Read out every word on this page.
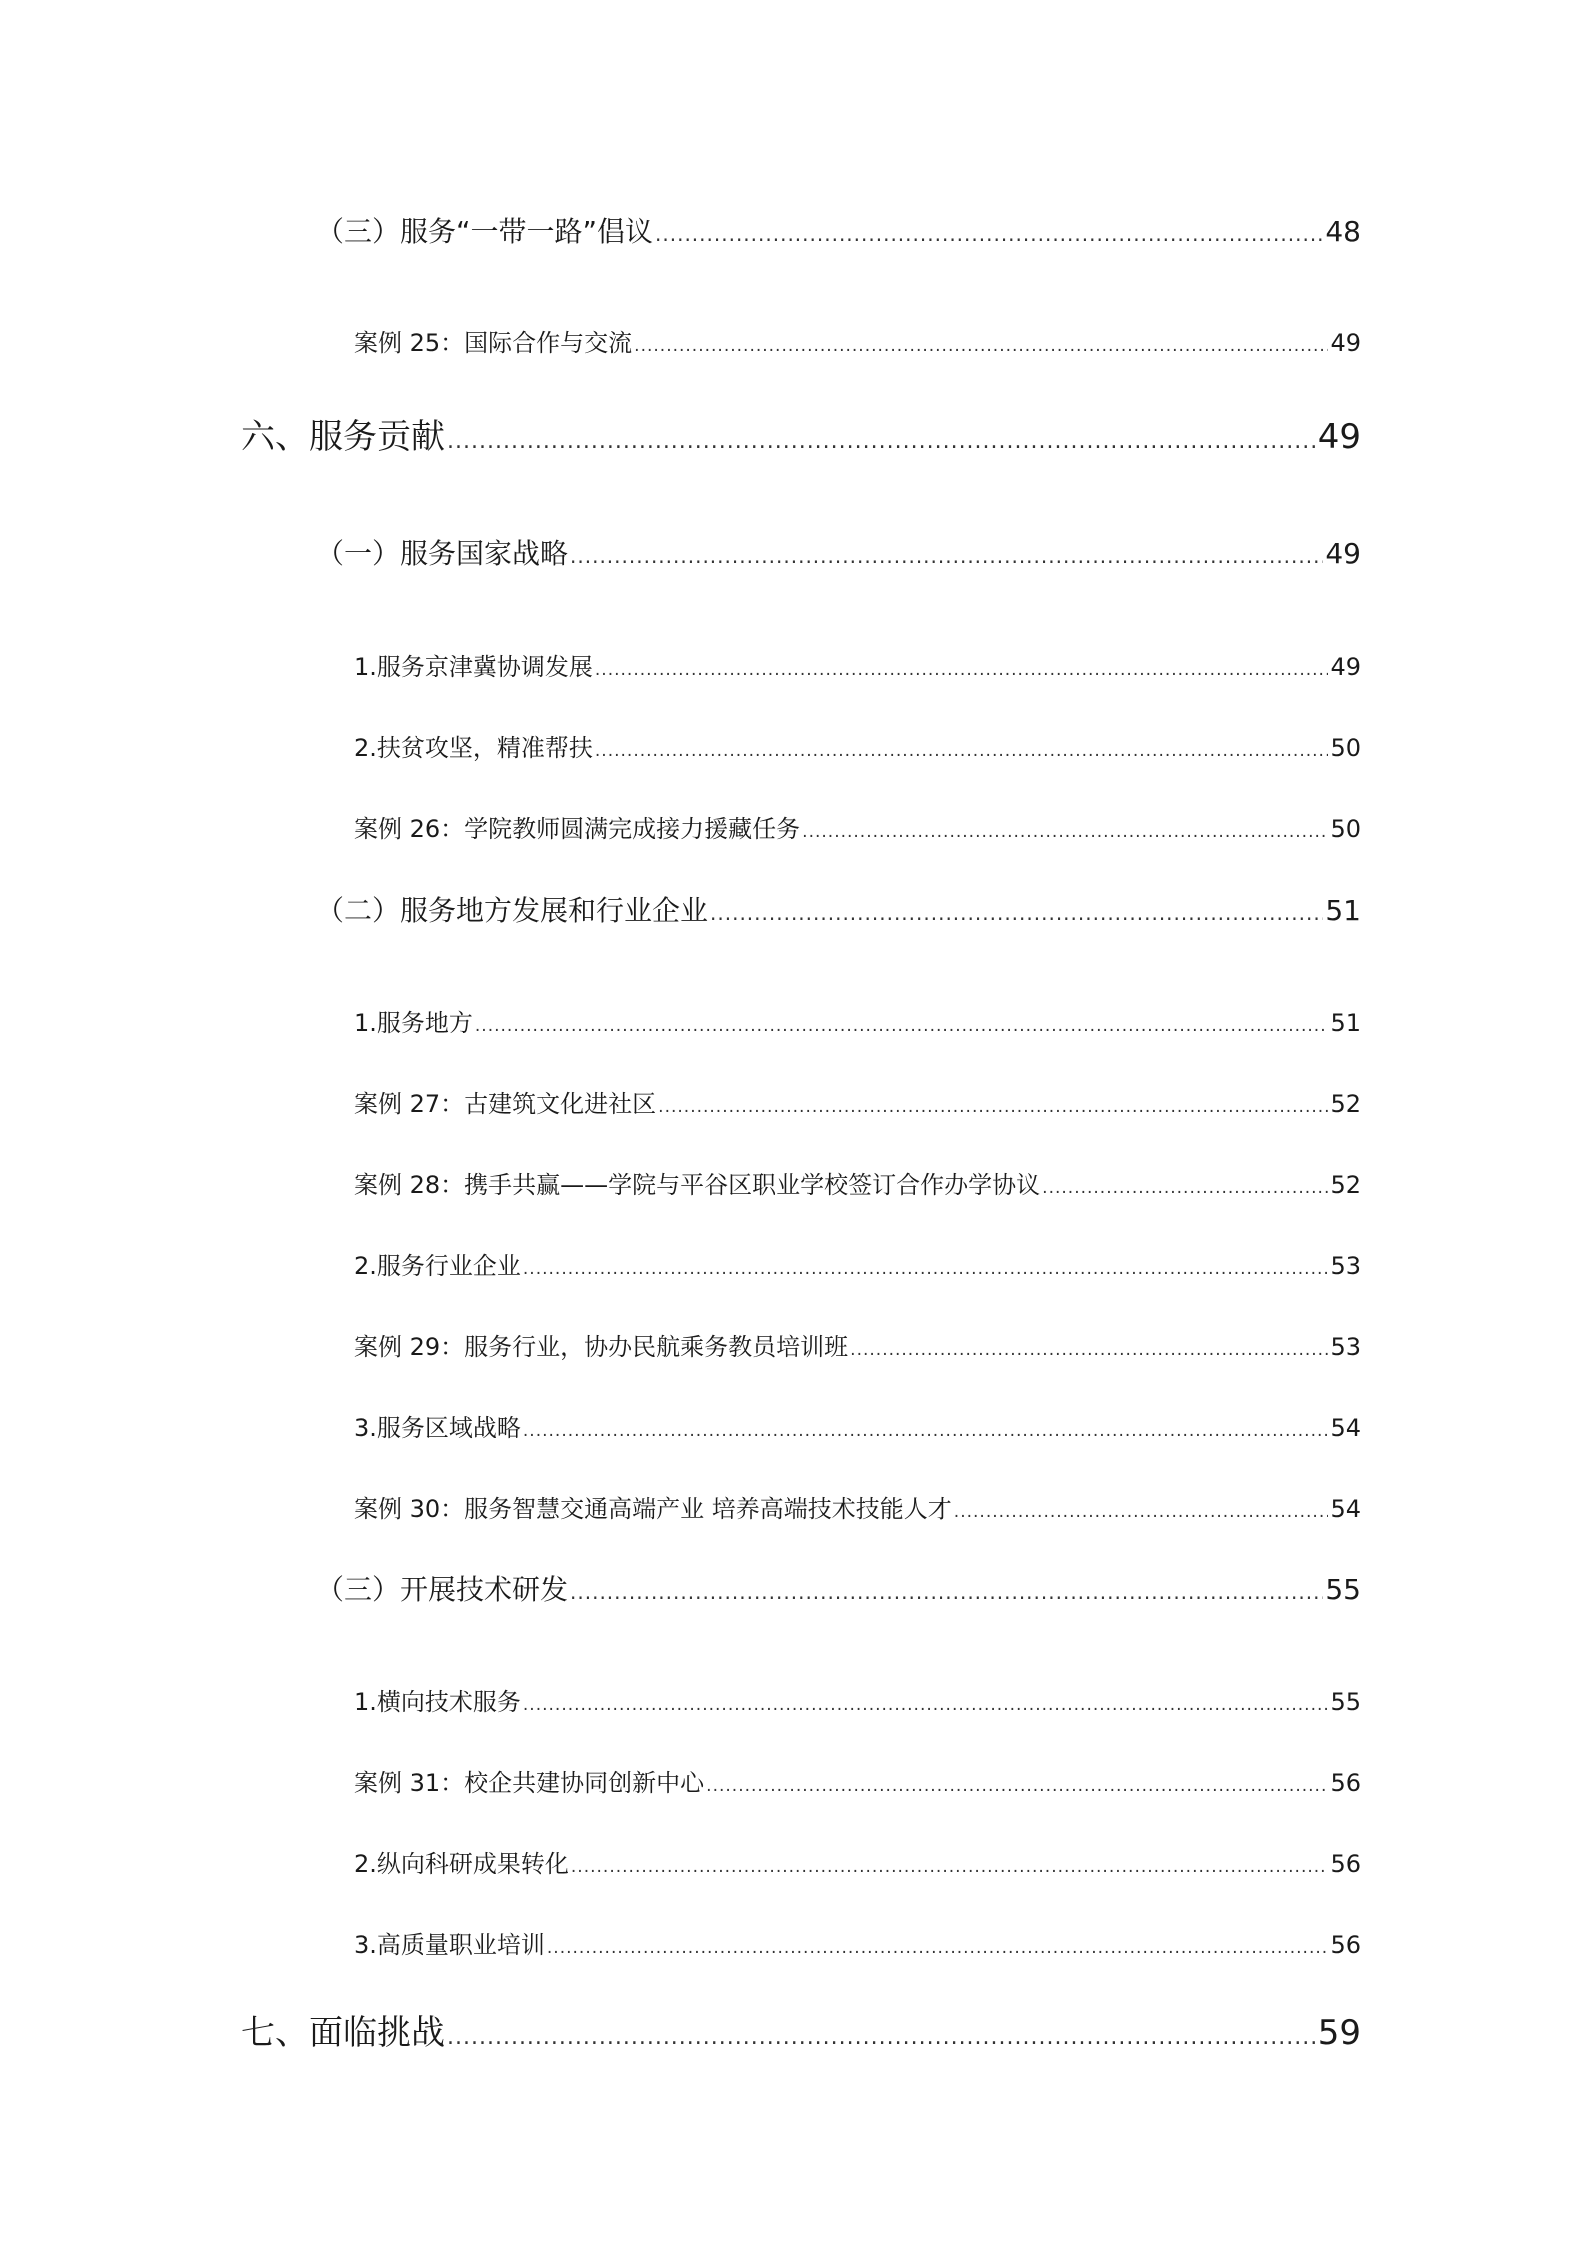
（三）服务“一带一路”倡议 .....	48
案例 25：国际合作与交流 .....	49
六、服务贡献 .....	49
（一）服务国家战略 .....	49
1.服务京津冀协调发展 .....	49
2.扶贫攻坚，精准帮扶 .....	50
案例 26：学院教师圆满完成接力援藏任务 .....	50
（二）服务地方发展和行业企业 .....	51
1.服务地方 .....	51
案例 27：古建筑文化进社区 .....	52
案例 28：携手共赢——学院与平谷区职业学校签订合作办学协议 .....	52
2.服务行业企业 .....	53
案例 29：服务行业，协办民航乘务教员培训班 .....	53
3.服务区域战略 .....	54
案例 30：服务智慧交通高端产业 培养高端技术技能人才 .....	54
（三）开展技术研发 .....	55
1.横向技术服务 .....	55
案例 31：校企共建协同创新中心 .....	56
2.纵向科研成果转化 .....	56
3.高质量职业培训 .....	56
七、面临挑战 .....	59
